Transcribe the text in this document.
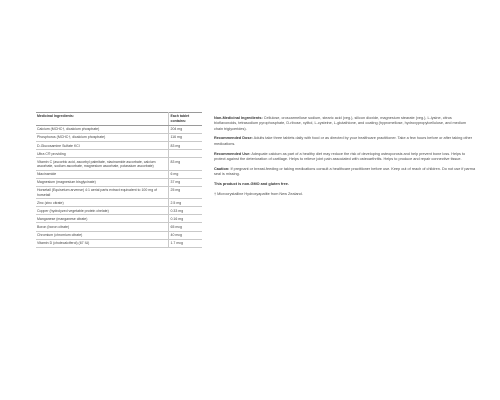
Medicinal Ingredients:	Each tablet
contains:
Calcium (MCHC†, dicalcium phosphate)	204 mg
Phosphorus (MCHC†, dicalcium phosphate)	116 mg
D-Glucosamine Sulfate KCl	83 mg
Ultra C® providing	
Vitamin C (ascorbic acid, ascorbyl palmitate, niacinamide ascorbate, calcium ascorbate, sodium ascorbate, magnesium ascorbate, potassium ascorbate)	83 mg
Niacinamide	6 mg
Magnesium (magnesium bisglycinate)	37 mg
Horsetail (Equisetum arvense) 4:1 aerial parts extract equivalent to 100 mg of horsetail	25 mg
Zinc (zinc citrate)	2.5 mg
Copper (hydrolyzed vegetable protein chelate)	0.33 mg
Manganese (manganese citrate)	0.16 mg
Boron (boron citrate)	65 mcg
Chromium (chromium citrate)	40 mcg
Vitamin D (cholecalciferol) (67 IU)	1.7 mcg

Non-Medicinal Ingredients: Cellulose, croscarmellose sodium, stearic acid (veg.), silicon dioxide, magnesium stearate (veg.), L-lysine, citrus bioflavonoids, tetrasodium pyrophosphate, D-ribose, xylitol, L-cysteine, L-glutathione, and coating (hypromellose, hydroxypropylcellulose, and medium chain triglycerides).

Recommended Dose: Adults take three tablets daily with food or as directed by your healthcare practitioner. Take a few hours before or after taking other medications.

Recommended Use: Adequate calcium as part of a healthy diet may reduce the risk of developing osteoporosis and help prevent bone loss. Helps to protect against the deterioration of cartilage. Helps to relieve joint pain associated with osteoarthritis. Helps to produce and repair connective tissue.

Caution: If pregnant or breast-feeding or taking medications consult a healthcare practitioner before use. Keep out of reach of children. Do not use if parma seal is missing.

This product is non-GMO and gluten free.

† Microcrystalline Hydroxyapatite from New Zealand.
